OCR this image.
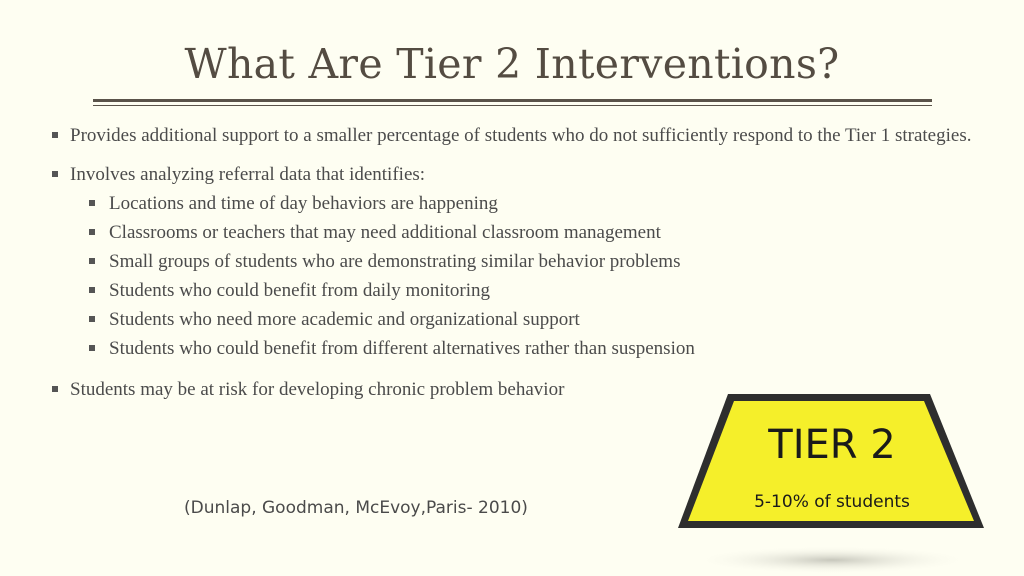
What Are Tier 2 Interventions?
Provides additional support to a smaller percentage of students who do not sufficiently respond to the Tier 1 strategies.
Involves analyzing referral data that identifies:
Locations and time of day behaviors are happening
Classrooms or teachers that may need additional classroom management
Small groups of students who are demonstrating similar behavior problems
Students who could benefit from daily monitoring
Students who need more academic and organizational support
Students who could benefit from different alternatives rather than suspension
Students may be at risk for developing chronic problem behavior
(Dunlap, Goodman, McEvoy,Paris- 2010)
TIER 2
5-10% of students
